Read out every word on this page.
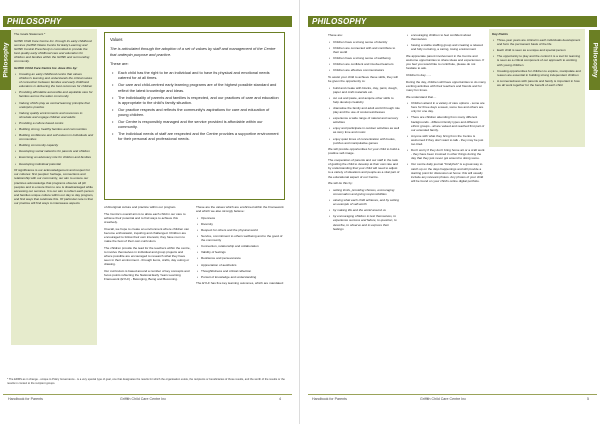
PHILOSOPHY
Philosophy

The Goals Statement *

Griffith Child Care Centre Inc. through its early childhood services (Griffith Waste Centre for Early Learning and Griffith Central Preschool) is committed to provide the best quality early childhood care and education for children and families within the Griffith and surrounding community.

Griffith Child Care Centre Inc. does this by:

• Creating an early childhood centre that values children's learning and understands the critical nature of connection between families and early childhood educators in delivering the best outcomes for children
• Providing affordable accessible and equitable care for families across the wider community
• Valuing child's play as central learning principle that underpins practice
• Valuing quality environments and resources to stimulate and engage children and adults
• Providing a culture based centre
• Building strong, healthy families and communities
• Building confidence and self esteem in individuals and communities
• Building community capacity
• Developing social networks for parents and children
• Exercising an advocacy role for children and families
• Developing individual potential

Of significance is our acknowledgement and respect for our cultures: first peoples' heritage, connections and relationship with our community, our aim to ensure our practices acknowledge that programs observe all pill peoples and to ensure that no one is disadvantaged while accessing our services. It is our aim to reflect each person and families unique culture within our day to day program, and find ways that celebrate this. Of particular note is that our practice will find ways to interweave aspects

Values

The is articulated through the adoption of a set of values by staff and management of the Centre that underpin purpose and practice.

These are:

• Each child has the right to be an individual and to have its physical and emotional needs catered for at all times.
• Our care and child-centred early learning programs are of the highest possible standard and reflect the latest knowledge and ideas.
• The individuality of parents and families is respected, and our practices of care and education is appropriate to the child's family situation.
• Our practice respects and reflects the community's aspirations for care and education of young children.
• Our Centre is responsibly managed and the service provided is affordable within our community.
• The individual needs of staff are respected and the Centre provides a supportive environment for their personal and professional needs.

of Aboriginal culture and practice within our program.

The Centre's overall aim is to allow each child in our care to achieve their potential and to find ways to achieve this creatively.

Overall, we hope to create an environment where children can become enthusiastic, inquiring and challenged. Children are encouraged to follow their own interests; they have room to make the best of their own curriculum.

The children provide the lead for the teachers within the centre, to involve themselves in individual and group projects and where possible are encouraged to research what they have seen in their environment - through items, crafts, day outing or drawing.

Our curriculum is based around a number of key concepts and focus points reflecting the National Early Years Learning Framework (EYLF) - Belonging, Being and Becoming.

These are the values which are enshrined within the Framework and which we also strongly believe:

• Openness
• Diversity
• Respect for others and the physical world
• Service, commitment to others wellbeing and to the good of the community
• Connection, relationship and collaboration
• Validity of feelings
• Resilience and perseverance
• Appreciation of aesthetics
• Thoughtfulness and critical reflection
• Pursuit of knowledge and understanding

The EYLF has five key learning outcomes, which are mandated:

* The ERMS as in change - unique to Policy Governance - is a very special type of goal, one that designates the results for which the organisation exists, the recipients or beneficiaries of those results, and the worth of the results or the results in context to the recipient groups.
Handbook for Parents	Griffith Child Care Centre Inc	4
PHILOSOPHY
Philosophy

These are:

• Children have a strong sense of identity
• Children are connected with and contribute to their world
• Children have a strong sense of wellbeing
• Children are confident and involved learners
• Children are effective communicators

To assist your child to achieve these skills, they will be given the opportunity to:

• build and create with blocks, clay, paint, dough, paper and craft materials etc.
• cut out and paste, and acquire other skills to help develop creativity
• dramatise the family and adult world through role play and the use of costumes/dresses
• experience a wide range of natural and sensory activities
• enjoy and participate in outdoor activities as well as story time and music
• enjoy quiet times of concentration with books, puzzles and manipulative games

We will provide opportunities for your child to build a positive self-image.

The cooperation of parents and our staff in the task of guiding the child to develop at their own rate and by understanding that your child will need to adjust to a variety of situations and people as a vital part of the educational aspect of our Centre.

We will do this by:

• setting limits, providing choices, encouraging conversation and giving responsibilities
• valuing what each child achieves, and by setting an example of self-worth
• by making life and the world around us
• by encouraging children to test themselves, to experience success and failure, to question, to describe, to observe and to express their feelings
• encouraging children to feel confident about themselves
• having a stable staffing group and creating a relaxed and fully nurturing, a caring, loving environment

We appreciate parent involvement in the Centre and welcome opportunities to share ideas and experiences. If you feel you would like to contribute, please do not hesitate to ask.

Children's day.......

During the day, children will have opportunities to do many exciting activities with their teachers and friends and for many fun times.

We understand that....

• Children attend in a variety of care options - some are here for three days a week, some two and others are only for one day.
• There are children attending from many different backgrounds - different family types and different ethnic groups - all are valued and reached first part of our extended family.
• Anyone with what they bring from the Centre is welcomed if they don't want to talk - they may be just too tired.
• Don't worry if they don't bring home art or a craft work - they have been involved in other things during the day that they just never got around to doing some.
• Our centre daily journal "Kindyhub" is a great way to catch up on the days happenings and will provide a starting point for discussion at home: this will usually include any relevant photos. Any photos of your child will be found on your child's online digital portfolio.

Key Points

• Three-year years are critical in each individuals development and form the permanent basis of the life
• Each child is seen as a unique and special person
• The opportunity to play and the control it is a tool for learning is seen as a critical component of our approach to working with young children
• Creating opportunities for children to explore, manipulate and reason are essential in building strong independent children
• A connectedness with parents and family is important in how we all work together for the benefit of each child
Handbook for Parents	Griffith Child Care Centre Inc	5
